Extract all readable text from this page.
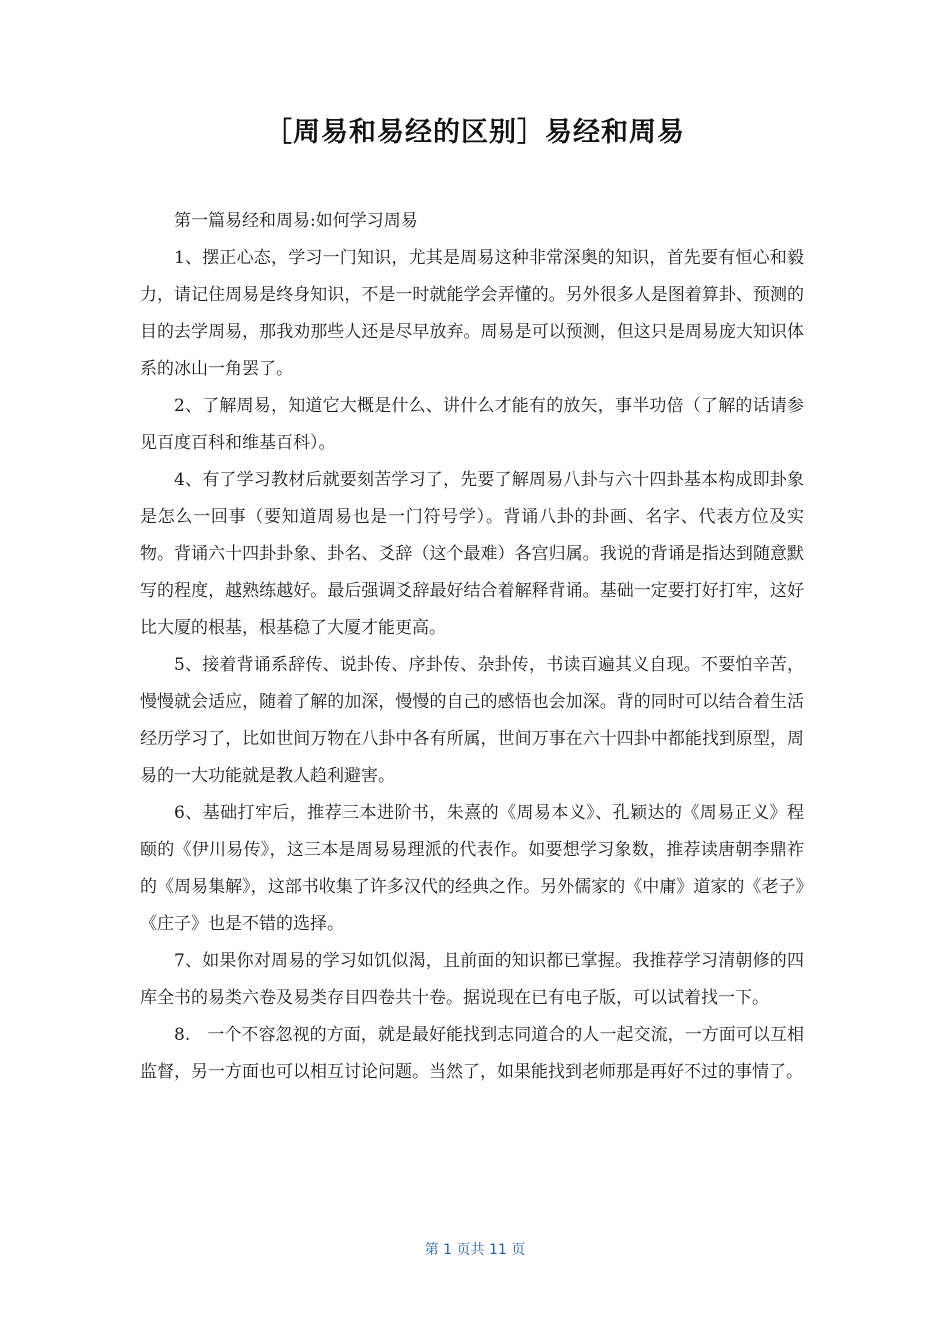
［周易和易经的区别］易经和周易

第一篇易经和周易:如何学习周易

1、摆正心态，学习一门知识，尤其是周易这种非常深奥的知识，首先要有恒心和毅力，请记住周易是终身知识，不是一时就能学会弄懂的。另外很多人是图着算卦、预测的目的去学周易，那我劝那些人还是尽早放弃。周易是可以预测，但这只是周易庞大知识体系的冰山一角罢了。

2、了解周易，知道它大概是什么、讲什么才能有的放矢，事半功倍（了解的话请参见百度百科和维基百科）。

4、有了学习教材后就要刻苦学习了，先要了解周易八卦与六十四卦基本构成即卦象是怎么一回事（要知道周易也是一门符号学）。背诵八卦的卦画、名字、代表方位及实物。背诵六十四卦卦象、卦名、爻辞（这个最难）各宫归属。我说的背诵是指达到随意默写的程度，越熟练越好。最后强调爻辞最好结合着解释背诵。基础一定要打好打牢，这好比大厦的根基，根基稳了大厦才能更高。

5、接着背诵系辞传、说卦传、序卦传、杂卦传，书读百遍其义自现。不要怕辛苦，慢慢就会适应，随着了解的加深，慢慢的自己的感悟也会加深。背的同时可以结合着生活经历学习了，比如世间万物在八卦中各有所属，世间万事在六十四卦中都能找到原型，周易的一大功能就是教人趋利避害。

6、基础打牢后，推荐三本进阶书，朱熹的《周易本义》、孔颖达的《周易正义》程颐的《伊川易传》，这三本是周易易理派的代表作。如要想学习象数，推荐读唐朝李鼎祚的《周易集解》，这部书收集了许多汉代的经典之作。另外儒家的《中庸》道家的《老子》《庄子》也是不错的选择。

7、如果你对周易的学习如饥似渴，且前面的知识都已掌握。我推荐学习清朝修的四库全书的易类六卷及易类存目四卷共十卷。据说现在已有电子版，可以试着找一下。

8.　一个不容忽视的方面，就是最好能找到志同道合的人一起交流，一方面可以互相监督，另一方面也可以相互讨论问题。当然了，如果能找到老师那是再好不过的事情了。

第 1 页共 11 页
